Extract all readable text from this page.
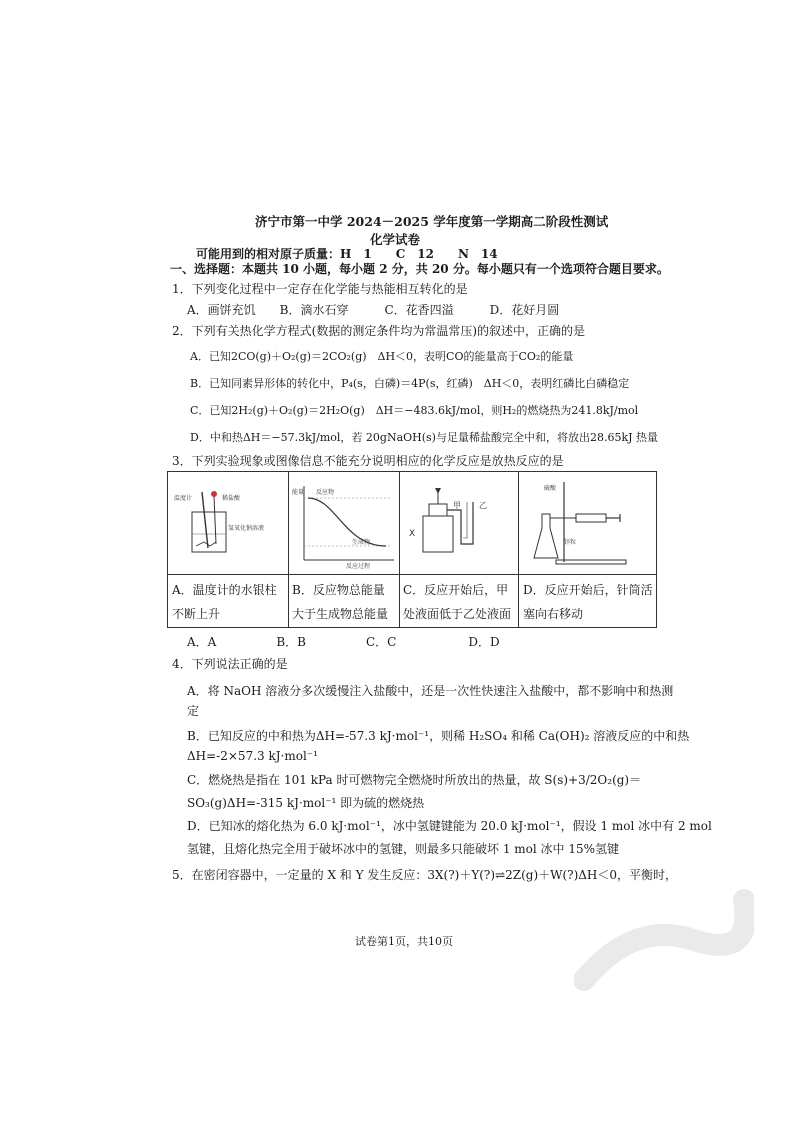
济宁市第一中学 2024－2025 学年度第一学期高二阶段性测试
化学试卷
可能用到的相对原子质量：H　1　　C　12　　N　14
一、选择题：本题共 10 小题，每小题 2 分，共 20 分。每小题只有一个选项符合题目要求。
1．下列变化过程中一定存在化学能与热能相互转化的是
A．画饼充饥　　B．滴水石穿　　　C．花香四溢　　　D．花好月圆
2．下列有关热化学方程式(数据的测定条件均为常温常压)的叙述中，正确的是
A．已知2CO(g)＋O₂(g)＝2CO₂(g)　ΔH＜0，表明CO的能量高于CO₂的能量
B．已知同素异形体的转化中，P₄(s，白磷)＝4P(s，红磷)　ΔH＜0，表明红磷比白磷稳定
C．已知2H₂(g)＋O₂(g)＝2H₂O(g)　ΔH＝−483.6kJ/mol，则H₂的燃烧热为241.8kJ/mol
D．中和热ΔH＝−57.3kJ/mol，若 20gNaOH(s)与足量稀盐酸完全中和，将放出28.65kJ 热量
3．下列实验现象或图像信息不能充分说明相应的化学反应是放热反应的是
温度计	稀盐酸
氢氧化钠溶液
能量 反应物
生成物
反应过程
X
甲 乙
硫酸
锌粒
A．温度计的水银柱不断上升
B．反应物总能量大于生成物总能量
C．反应开始后，甲处液面低于乙处液面
D．反应开始后，针筒活塞向右移动
A．A　　　　　B．B　　　　　C．C　　　　　　D．D
4．下列说法正确的是
A．将 NaOH 溶液分多次缓慢注入盐酸中，还是一次性快速注入盐酸中，都不影响中和热测
定
B．已知反应的中和热为ΔH=-57.3 kJ·mol⁻¹，则稀 H₂SO₄ 和稀 Ca(OH)₂ 溶液反应的中和热
ΔH=-2×57.3 kJ·mol⁻¹
C．燃烧热是指在 101 kPa 时可燃物完全燃烧时所放出的热量，故 S(s)+3/2O₂(g)＝
SO₃(g)ΔH=-315 kJ·mol⁻¹ 即为硫的燃烧热
D．已知冰的熔化热为 6.0 kJ·mol⁻¹，冰中氢键键能为 20.0 kJ·mol⁻¹，假设 1 mol 冰中有 2 mol
氢键，且熔化热完全用于破坏冰中的氢键，则最多只能破坏 1 mol 冰中 15%氢键
5．在密闭容器中，一定量的 X 和 Y 发生反应：3X(?)＋Y(?)⇌2Z(g)＋W(?)ΔH＜0，平衡时，
试卷第1页，共10页
